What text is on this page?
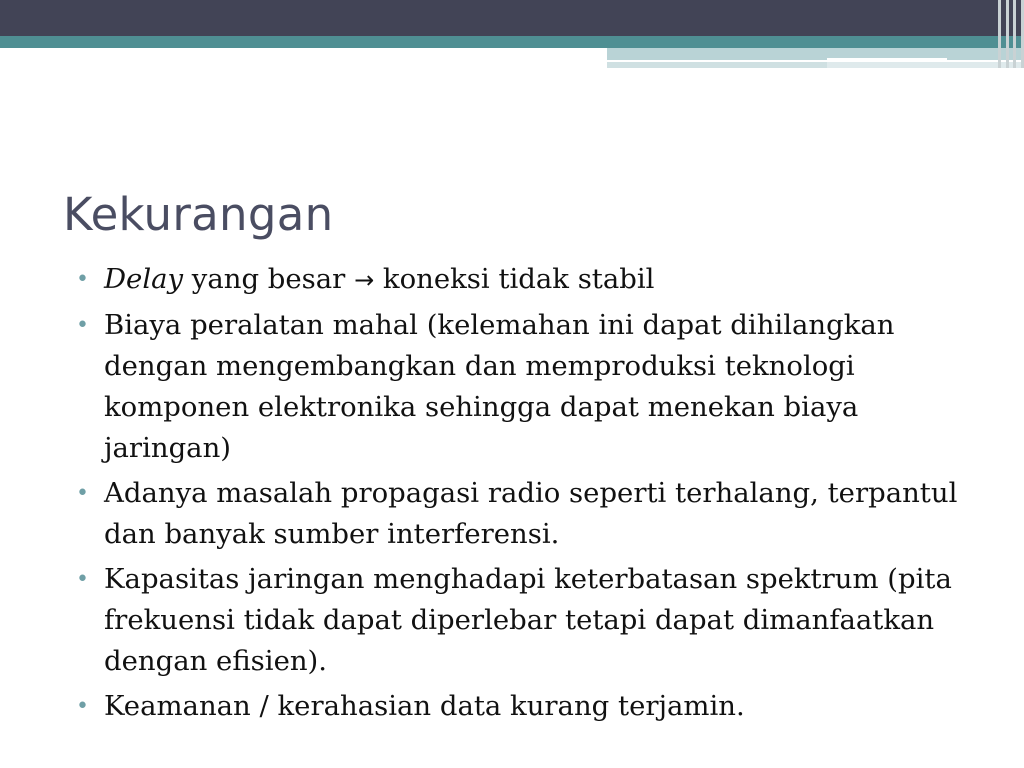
Kekurangan
• Delay yang besar → koneksi tidak stabil
• Biaya peralatan mahal (kelemahan ini dapat dihilangkan dengan mengembangkan dan memproduksi teknologi komponen elektronika sehingga dapat menekan biaya jaringan)
• Adanya masalah propagasi radio seperti terhalang, terpantul dan banyak sumber interferensi.
• Kapasitas jaringan menghadapi keterbatasan spektrum (pita frekuensi tidak dapat diperlebar tetapi dapat dimanfaatkan dengan efisien).
• Keamanan / kerahasian data kurang terjamin.
